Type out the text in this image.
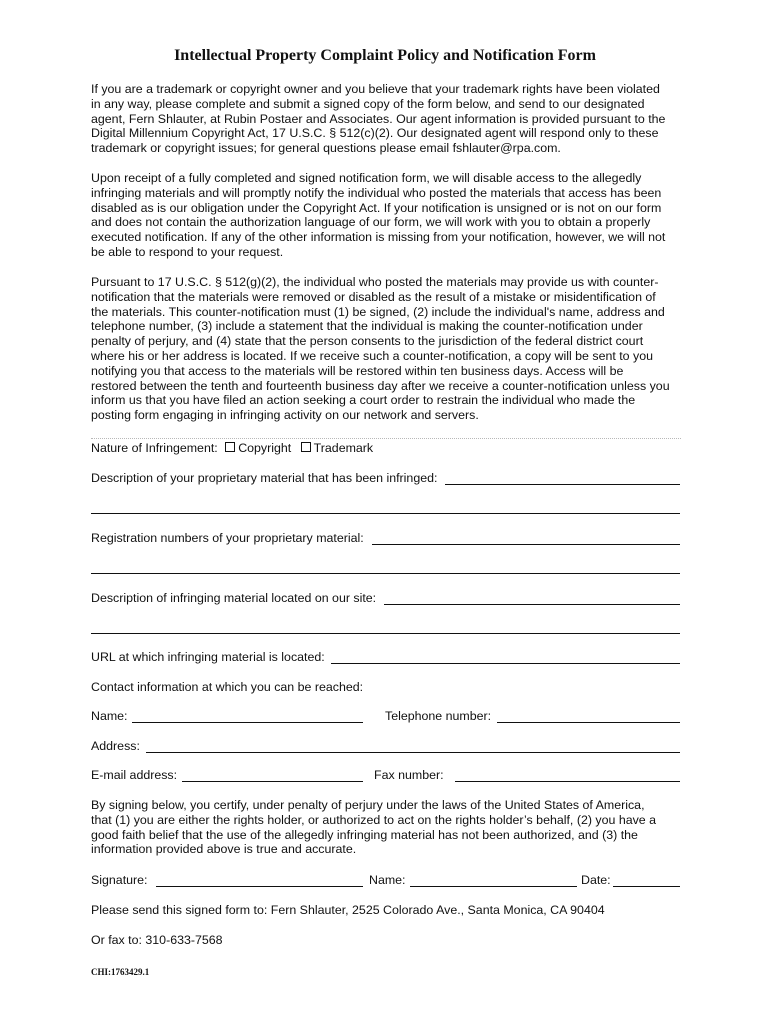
Intellectual Property Complaint Policy and Notification Form
If you are a trademark or copyright owner and you believe that your trademark rights have been violated
in any way, please complete and submit a signed copy of the form below, and send to our designated
agent, Fern Shlauter, at Rubin Postaer and Associates. Our agent information is provided pursuant to the
Digital Millennium Copyright Act, 17 U.S.C. § 512(c)(2). Our designated agent will respond only to these
trademark or copyright issues; for general questions please email fshlauter@rpa.com.
Upon receipt of a fully completed and signed notification form, we will disable access to the allegedly
infringing materials and will promptly notify the individual who posted the materials that access has been
disabled as is our obligation under the Copyright Act. If your notification is unsigned or is not on our form
and does not contain the authorization language of our form, we will work with you to obtain a properly
executed notification. If any of the other information is missing from your notification, however, we will not
be able to respond to your request.
Pursuant to 17 U.S.C. § 512(g)(2), the individual who posted the materials may provide us with counter-
notification that the materials were removed or disabled as the result of a mistake or misidentification of
the materials. This counter-notification must (1) be signed, (2) include the individual's name, address and
telephone number, (3) include a statement that the individual is making the counter-notification under
penalty of perjury, and (4) state that the person consents to the jurisdiction of the federal district court
where his or her address is located. If we receive such a counter-notification, a copy will be sent to you
notifying you that access to the materials will be restored within ten business days. Access will be
restored between the tenth and fourteenth business day after we receive a counter-notification unless you
inform us that you have filed an action seeking a court order to restrain the individual who made the
posting form engaging in infringing activity on our network and servers.
Nature of Infringement: Copyright Trademark
Description of your proprietary material that has been infringed:
Registration numbers of your proprietary material:
Description of infringing material located on our site:
URL at which infringing material is located:
Contact information at which you can be reached:
Name:	Telephone number:
Address:
E-mail address:	Fax number:
By signing below, you certify, under penalty of perjury under the laws of the United States of America,
that (1) you are either the rights holder, or authorized to act on the rights holder’s behalf, (2) you have a
good faith belief that the use of the allegedly infringing material has not been authorized, and (3) the
information provided above is true and accurate.
Signature:	Name:	Date:
Please send this signed form to: Fern Shlauter, 2525 Colorado Ave., Santa Monica, CA 90404
Or fax to: 310-633-7568
CHI:1763429.1
